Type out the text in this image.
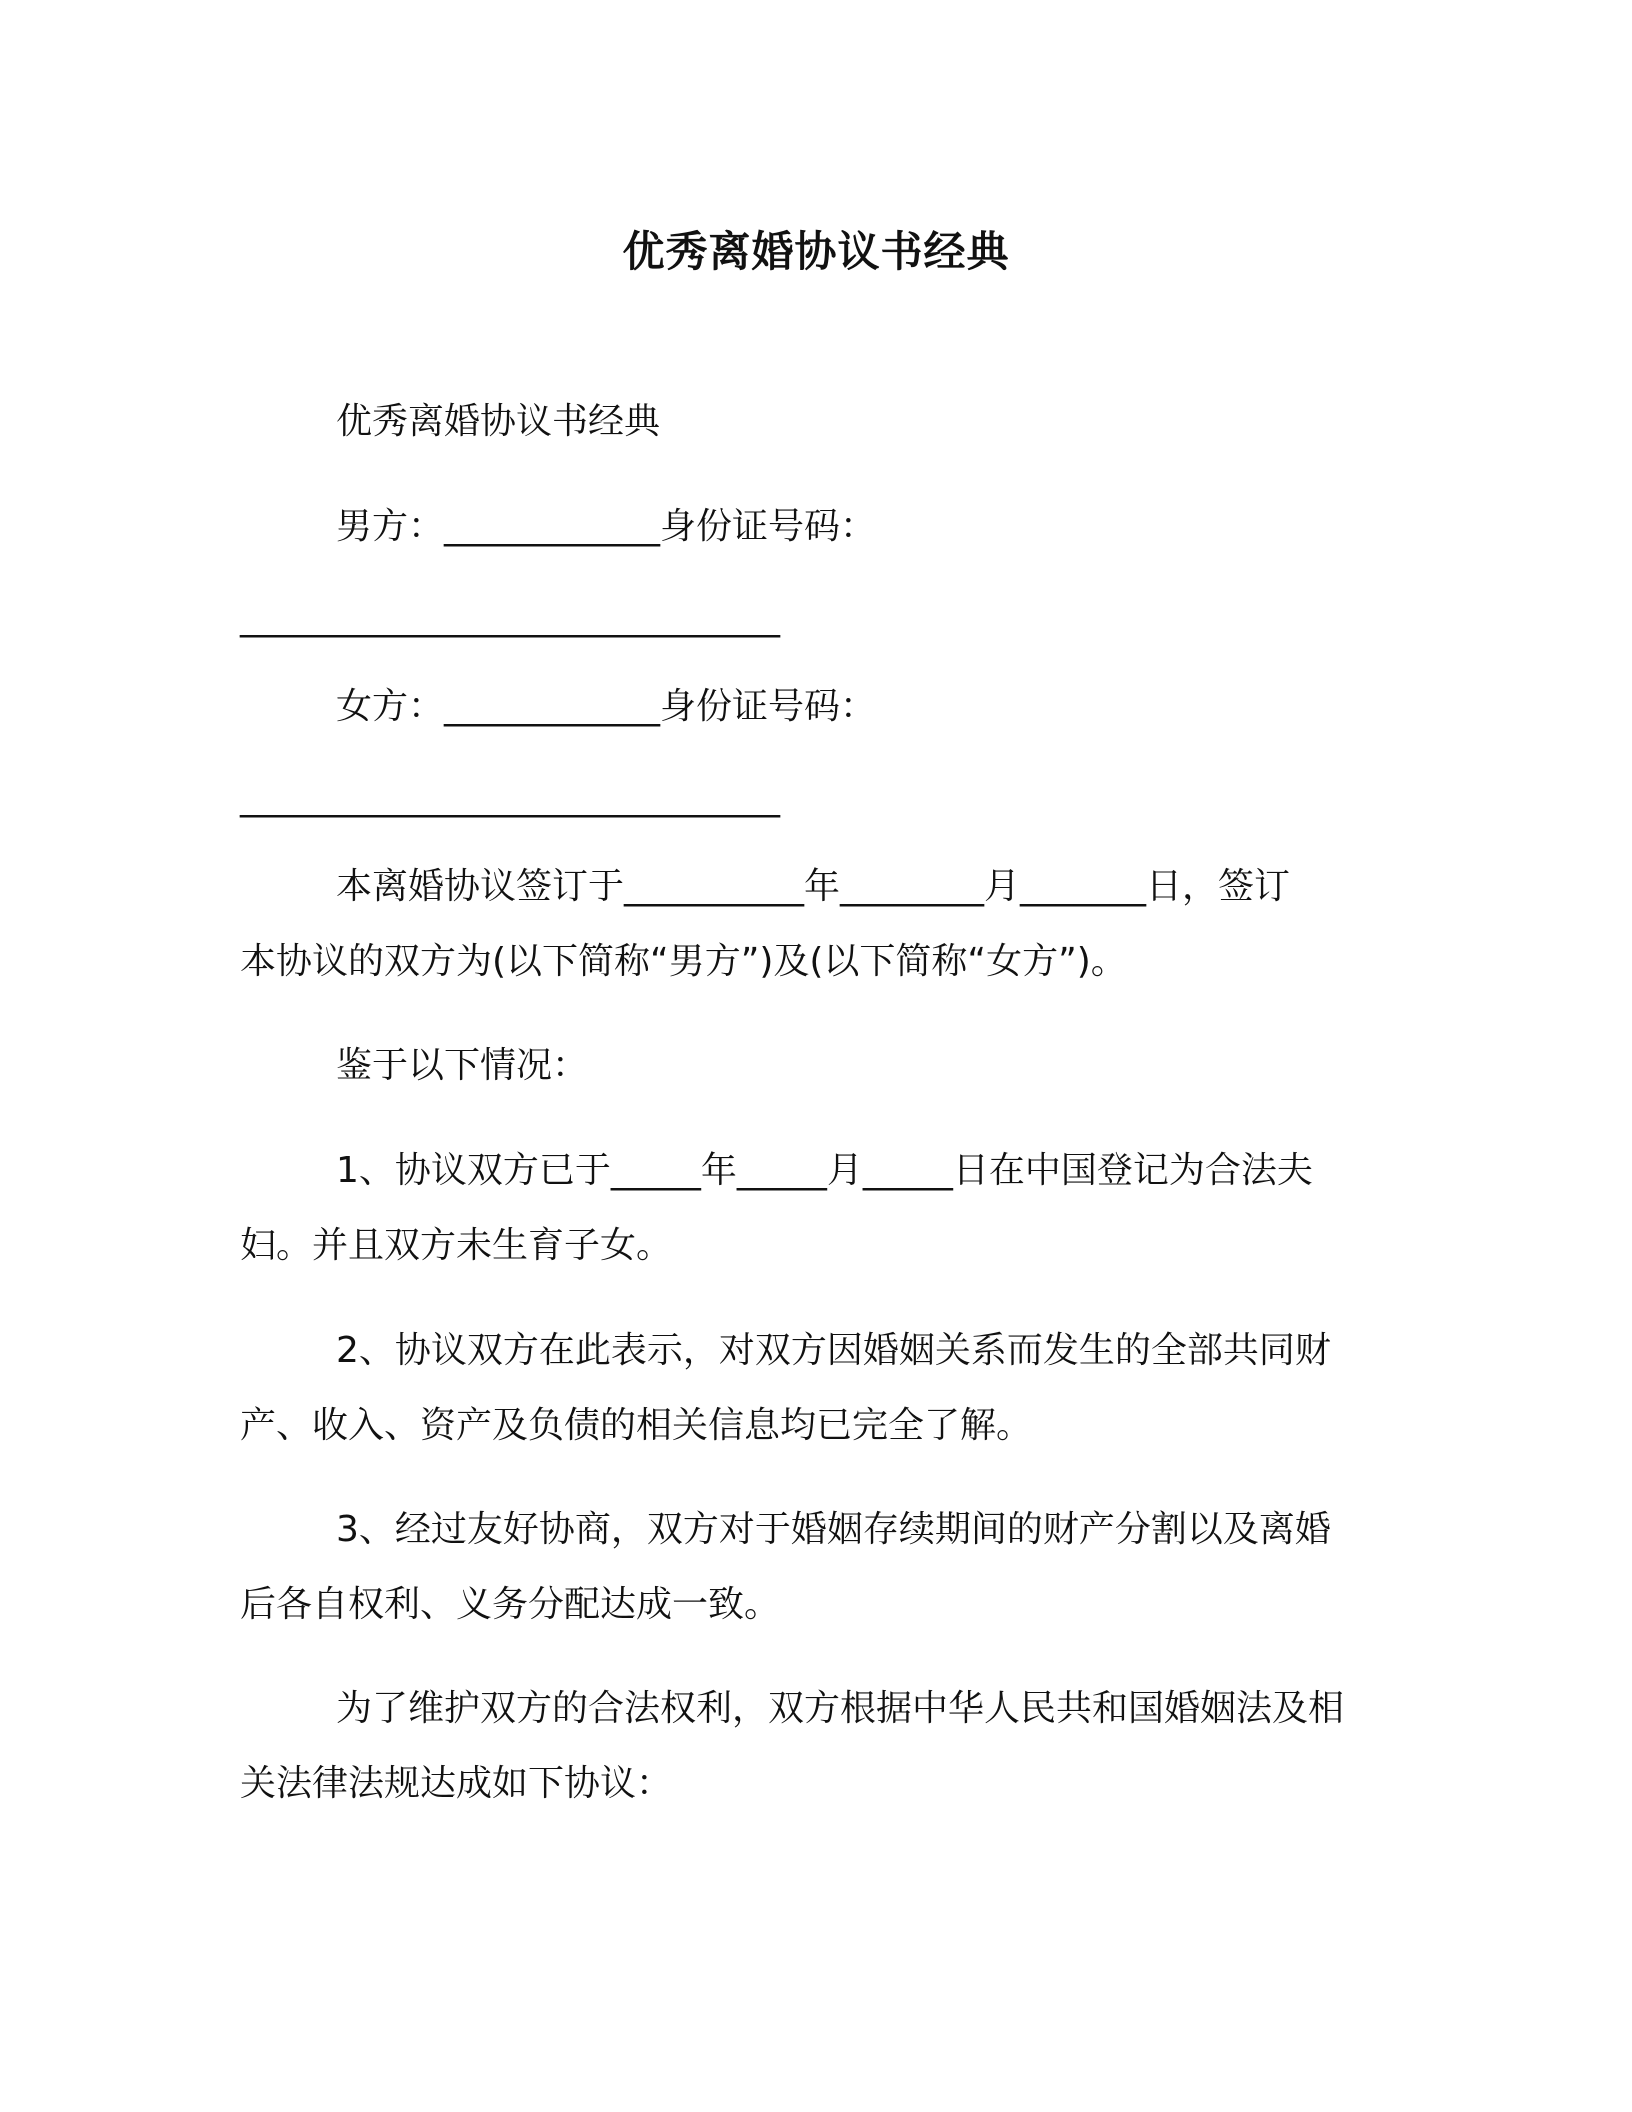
优秀离婚协议书经典
优秀离婚协议书经典
男方：____________身份证号码：
______________________________
女方：____________身份证号码：
______________________________
本离婚协议签订于__________年________月_______日，签订
本协议的双方为(以下简称“男方”)及(以下简称“女方”)。
鉴于以下情况：
1、协议双方已于_____年_____月_____日在中国登记为合法夫
妇。并且双方未生育子女。
2、协议双方在此表示，对双方因婚姻关系而发生的全部共同财
产、收入、资产及负债的相关信息均已完全了解。
3、经过友好协商，双方对于婚姻存续期间的财产分割以及离婚
后各自权利、义务分配达成一致。
为了维护双方的合法权利，双方根据中华人民共和国婚姻法及相
关法律法规达成如下协议：
